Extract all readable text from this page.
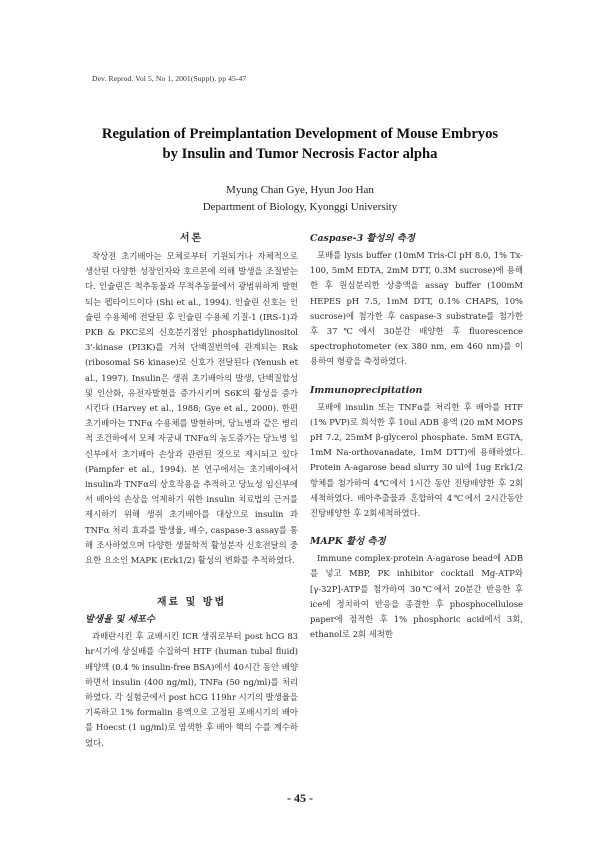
Dev. Reprod. Vol 5, No 1, 2001(Suppl). pp 45-47
Regulation of Preimplantation Development of Mouse Embryos
by Insulin and Tumor Necrosis Factor alpha
Myung Chan Gye, Hyun Joo Han
Department of Biology, Kyonggi University
서론

착상전 초기배아는 모체로부터 기원되거나 자체적으로 생산된 다양한 성장인자와 호르몬에 의해 발생을 조절받는다. 인슐린은 척추동물과 무척추동물에서 광범위하게 발현되는 펩타이드이다 (Shi et al., 1994). 인슐린 신호는 인슐린 수용체에 전달된 후 인슐린 수용체 기질-1 (IRS-1)과 PKB & PKC로의 신호분기점인 phosphatidylinositol 3'-kinase (PI3K)를 거쳐 단백질번역에 관계되는 Rsk (ribosomal S6 kinase)로 신호가 전달된다 (Yenush et al., 1997). Insulin은 생쥐 초기배아의 발생, 단백질합성 및 인산화, 유전자발현을 증가시키며 S6K의 활성을 증가시킨다 (Harvey et al., 1988; Gye et al., 2000). 한편 초기배아는 TNFα 수용체를 발현하며, 당뇨병과 같은 병리적 조건하에서 모체 자궁내 TNFα의 농도증가는 당뇨병 임신부에서 초기배아 손상과 관련된 것으로 제시되고 있다 (Pampfer et al., 1994). 본 연구에서는 초기배아에서 insulin과 TNFα의 상호작용을 추적하고 당뇨성 임신부에서 배아의 손상을 억제하기 위한 insulin 치료법의 근거를 제시하기 위해 생쥐 초기배아를 대상으로 insulin 과 TNFα 처리 효과를 발생율, 배수, caspase-3 assay를 통해 조사하였으며 다양한 생물학적 활성분자 신호전달의 중요한 요소인 MAPK (Erk1/2) 활성의 변화를 추적하였다.

재료 및 방법
발생율 및 세포수

과배란시킨 후 교배시킨 ICR 생쥐로부터 post hCG 83 hr시기에 상실배를 수집하여 HTF (human tubal fluid) 배양액 (0.4 % insulin-free BSA)에서 40시간 동안 배양하면서 insulin (400 ng/ml), TNFa (50 ng/ml)를 처리하였다. 각 실험군에서 post hCG 119hr 시기의 발생율을 기록하고 1% formalin 용액으로 고정된 포배시기의 배아를 Hoecst (1 ug/ml)로 염색한 후 배아 핵의 수를 계수하였다.

Caspase-3 활성의 측정

포배를 lysis buffer (10mM Tris-Cl pH 8.0, 1% Tx-100, 5mM EDTA, 2mM DTT, 0.3M sucrose)에 용해한 후 원심분리한 상층액을 assay buffer (100mM HEPES pH 7.5, 1mM DTT, 0.1% CHAPS, 10% sucrose)에 첨가한 후 caspase-3 substrate를 첨가한 후 37℃에서 30분간 배양한 후 fluorescence spectrophotometer (ex 380 nm, em 460 nm)를 이용하여 형광을 측정하였다.

Immunoprecipitation

포배에 insulin 또는 TNFα를 처리한 후 배아를 HTF (1% PVP)로 희석한 후 10ul ADB 용액 (20 mM MOPS pH 7.2, 25mM β-glycerol phosphate. 5mM EGTA, 1mM Na-orthovanadate, 1mM DTT)에 용해하였다. Protein A-agarose bead slurry 30 ul에 1ug Erk1/2 항체를 첨가하여 4℃에서 1시간 동안 진탕배양한 후 2회세척하였다. 배아추출물과 혼합하여 4℃에서 2시간동안 진탕배양한 후 2회세척하였다.

MAPK 활성 측정

Immune complex-protein A-agarose bead에 ADB를 넣고 MBP, PK inhibitor cocktail Mg-ATP와 [γ-32P]-ATP를 첨가하여 30℃에서 20분간 반응한 후 ice에 정치하여 반응을 종결한 후 phosphocellulose paper에 점적한 후 1% phosphoric acid에서 3회, ethanol로 2회 세척한

- 45 -
